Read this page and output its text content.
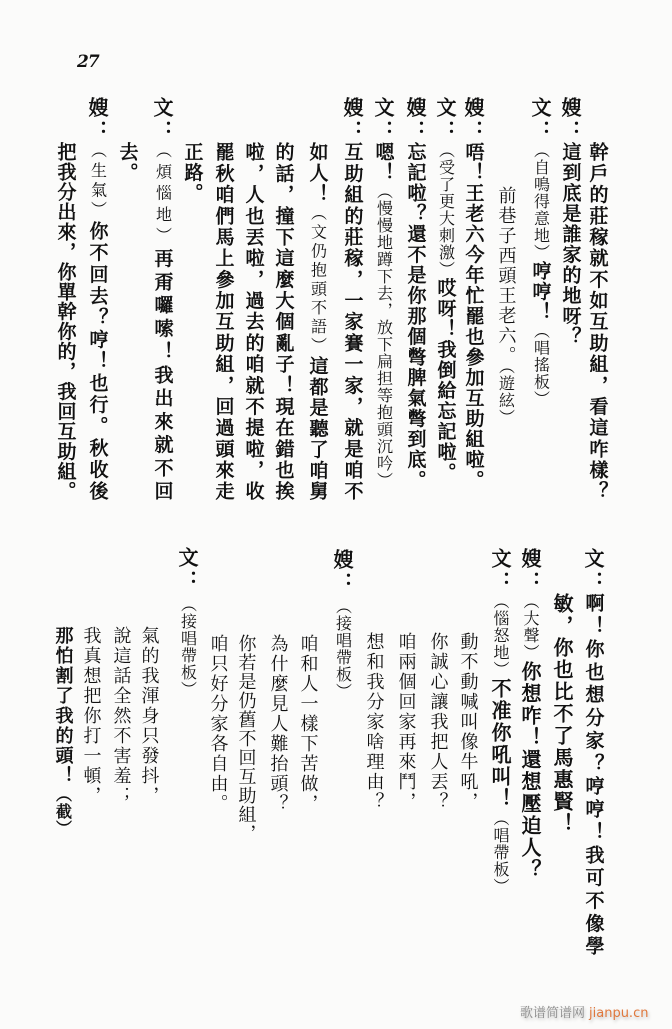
27
幹戶的莊稼就不如互助組，看這咋樣？
嫂：
這到底是誰家的地呀？
文：
（自鳴得意地）哼哼！（唱搖板）
前巷子西頭王老六。（遊絃）
嫂：
唔！王老六今年忙罷也參加互助組啦。
文：
（受了更大刺激）哎呀！我倒給忘記啦。
嫂：
忘記啦？還不是你那個彆脾氣彆到底。
文：
嗯！（慢慢地蹲下去，放下扁担等抱頭沉吟）
嫂：
互助組的莊稼，一家賽一家，就是咱不
如人！（文仍抱頭不語）這都是聽了咱舅
的話，撞下這麼大個亂子！現在錯也挨
啦，人也丟啦，過去的咱就不提啦，收
罷秋咱們馬上參加互助組，回過頭來走
正路。
文：
（煩惱地）再甭囉嗦！我出來就不回
去。
嫂：
（生氣）你不回去？哼！也行。秋收後
把我分出來，你單幹你的，我回互助組。
文：
啊！你也想分家？哼哼！我可不像學
敏，你也比不了馬惠賢！
嫂：
（大聲）你想咋！還想壓迫人？
文：
（惱怒地）不准你吼叫！（唱帶板）
動不動喊叫像牛吼，
你誠心讓我把人丟？
咱兩個回家再來鬥，
想和我分家啥理由？
嫂：
（接唱帶板）
咱和人一樣下苦做，
為什麼見人難抬頭？
你若是仍舊不回互助組，
咱只好分家各自由。
文：
（接唱帶板）
氣的我渾身只發抖，
說這話全然不害羞；
我真想把你打一頓，
那怕割了我的頭！（截）
歌谱简谱网 jianpu.cn
